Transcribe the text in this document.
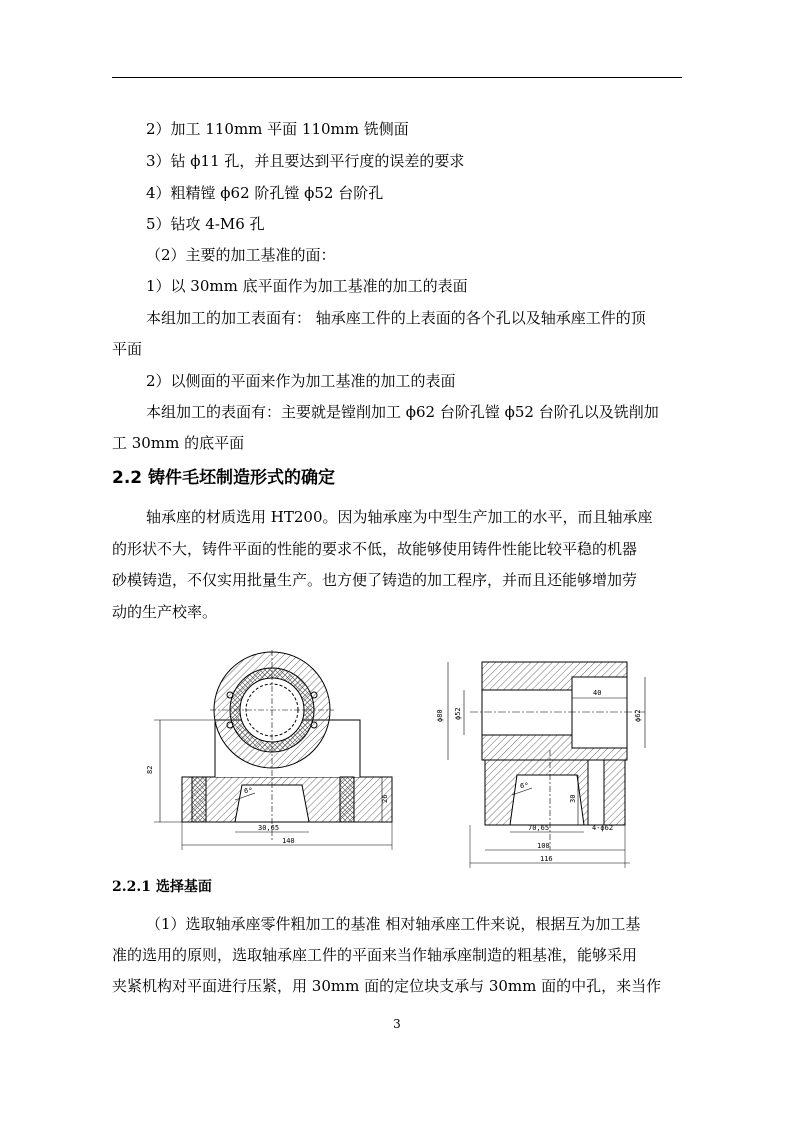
2）加工 110mm 平面 110mm 铣侧面
3）钻 ϕ11 孔，并且要达到平行度的误差的要求
4）粗精镗 ϕ62 阶孔镗 ϕ52 台阶孔
5）钻攻 4-M6 孔
（2）主要的加工基准的面：
1）以 30mm 底平面作为加工基准的加工的表面
本组加工的加工表面有： 轴承座工件的上表面的各个孔以及轴承座工件的顶
平面
2）以侧面的平面来作为加工基准的加工的表面
本组加工的表面有：主要就是镗削加工 ϕ62 台阶孔镗 ϕ52 台阶孔以及铣削加
工 30mm 的底平面
2.2 铸件毛坯制造形式的确定
轴承座的材质选用 HT200。因为轴承座为中型生产加工的水平，而且轴承座
的形状不大，铸件平面的性能的要求不低，故能够使用铸件性能比较平稳的机器
砂模铸造，不仅实用批量生产。也方便了铸造的加工程序，并而且还能够增加劳
动的生产校率。
82
26
30,65
140
6°
ϕ80 ϕ52	ϕ62
40
30
70,65	4-ϕ62
100
116
6°
2.2.1 选择基面
（1）选取轴承座零件粗加工的基准 相对轴承座工件来说，根据互为加工基
准的选用的原则，选取轴承座工件的平面来当作轴承座制造的粗基准，能够采用
夹紧机构对平面进行压紧，用 30mm 面的定位块支承与 30mm 面的中孔，来当作
3
